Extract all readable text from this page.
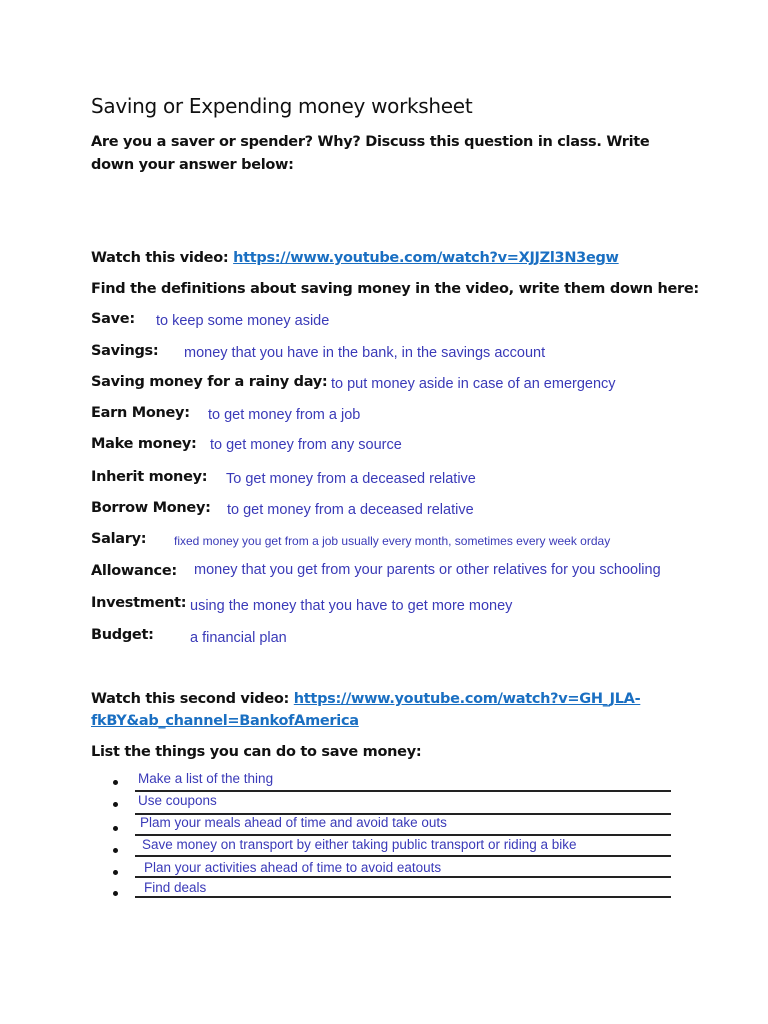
Saving or Expending money worksheet
Are you a saver or spender? Why? Discuss this question in class. Write down your answer below:
Watch this video: https://www.youtube.com/watch?v=XJJZl3N3egw
Find the definitions about saving money in the video, write them down here:
Save: to keep some money aside
Savings: money that you have in the bank, in the savings account
Saving money for a rainy day: to put money aside in case of an emergency
Earn Money: to get money from a job
Make money: to get money from any source
Inherit money: To get money from a deceased relative
Borrow Money: to get money from a deceased relative
Salary: fixed money you get from a job usually every month, sometimes every week orday
Allowance: money that you get from your parents or other relatives for you schooling
Investment: using the money that you have to get more money
Budget:	a financial plan
Watch this second video: https://www.youtube.com/watch?v=GH_JLA-
fkBY&ab_channel=BankofAmerica
List the things you can do to save money:
Make a list of the thing
Use coupons
Plam your meals ahead of time and avoid take outs
Save money on transport by either taking public transport or riding a bike
Plan your activities ahead of time to avoid eatouts
Find deals
